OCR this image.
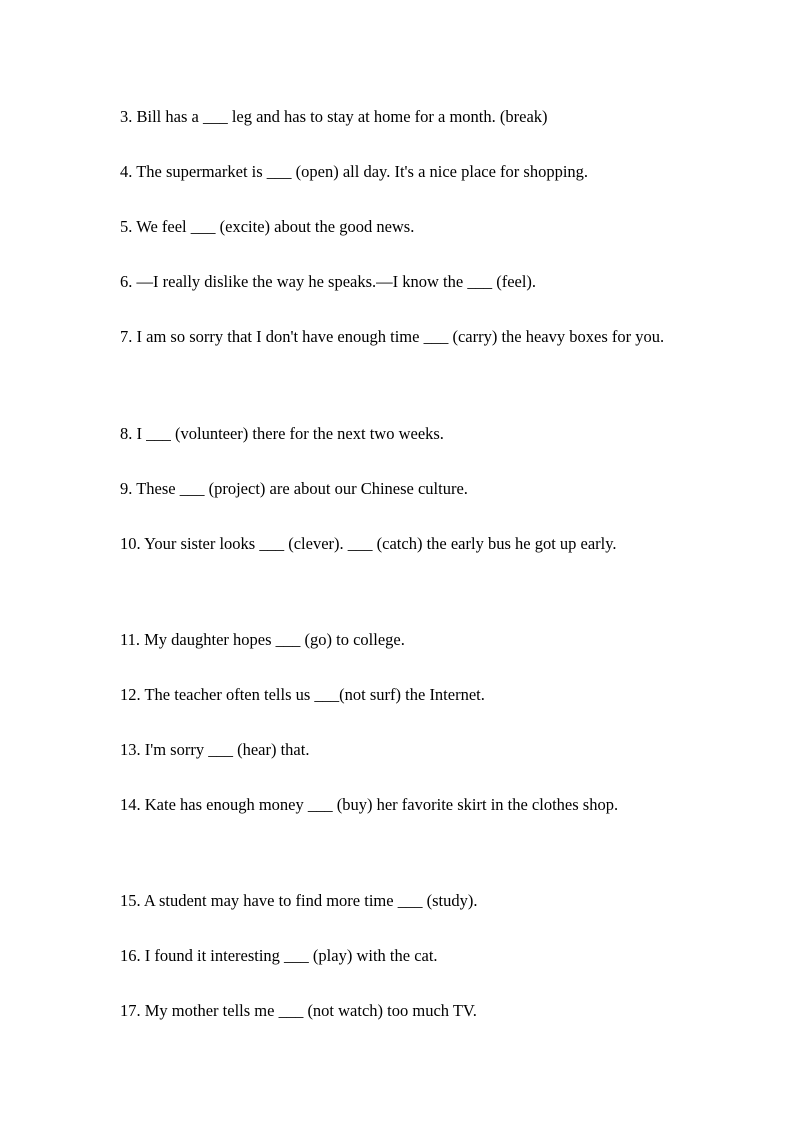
3. Bill has a ___ leg and has to stay at home for a month. (break)

4. The supermarket is ___ (open) all day. It's a nice place for shopping.

5. We feel ___ (excite) about the good news.

6. —I really dislike the way he speaks.—I know the ___ (feel).

7. I am so sorry that I don't have enough time ___ (carry) the heavy boxes for you.

8. I ___ (volunteer) there for the next two weeks.

9. These ___ (project) are about our Chinese culture.

10. Your sister looks ___ (clever). ___ (catch) the early bus he got up early.

11. My daughter hopes ___ (go) to college.

12. The teacher often tells us ___(not surf) the Internet.

13. I'm sorry ___ (hear) that.

14. Kate has enough money ___ (buy) her favorite skirt in the clothes shop.

15. A student may have to find more time ___ (study).

16. I found it interesting ___ (play) with the cat.

17. My mother tells me ___ (not watch) too much TV.
